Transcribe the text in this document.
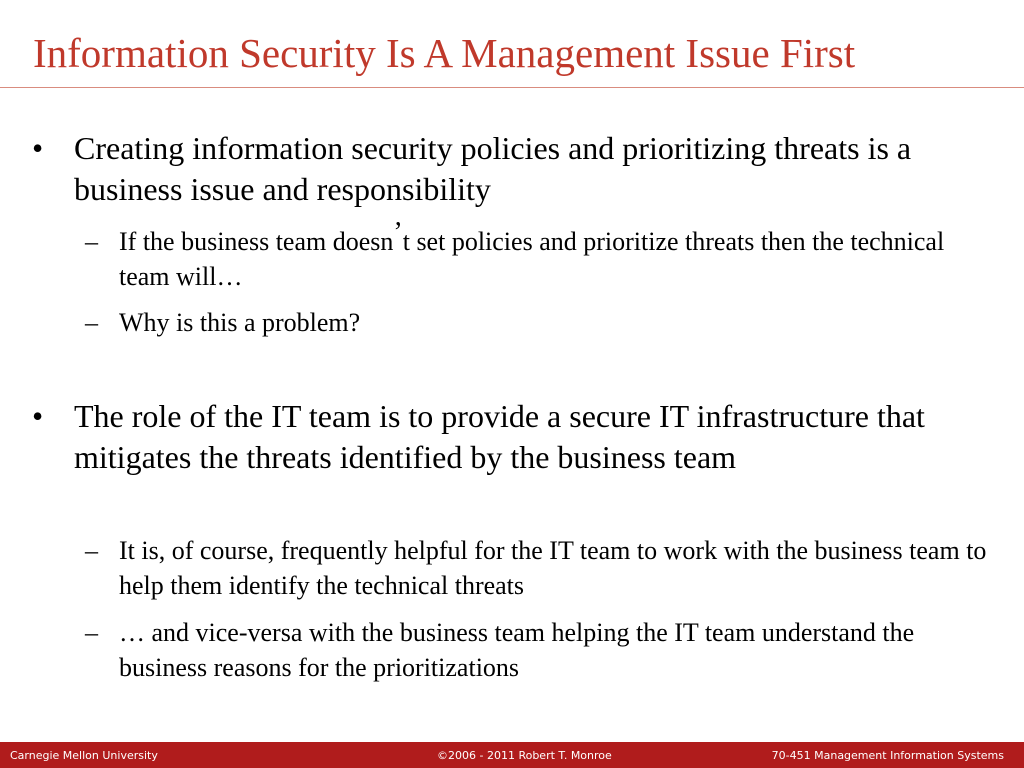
Information Security Is A Management Issue First
• Creating information security policies and prioritizing threats is a business issue and responsibility
– If the business team doesn’t set policies and prioritize threats then the technical team will…
– Why is this a problem?
• The role of the IT team is to provide a secure IT infrastructure that mitigates the threats identified by the business team
– It is, of course, frequently helpful for the IT team to work with the business team to help them identify the technical threats
– … and vice-versa with the business team helping the IT team understand the business reasons for the prioritizations
Carnegie Mellon University	©2006 - 2011 Robert T. Monroe	70-451 Management Information Systems
